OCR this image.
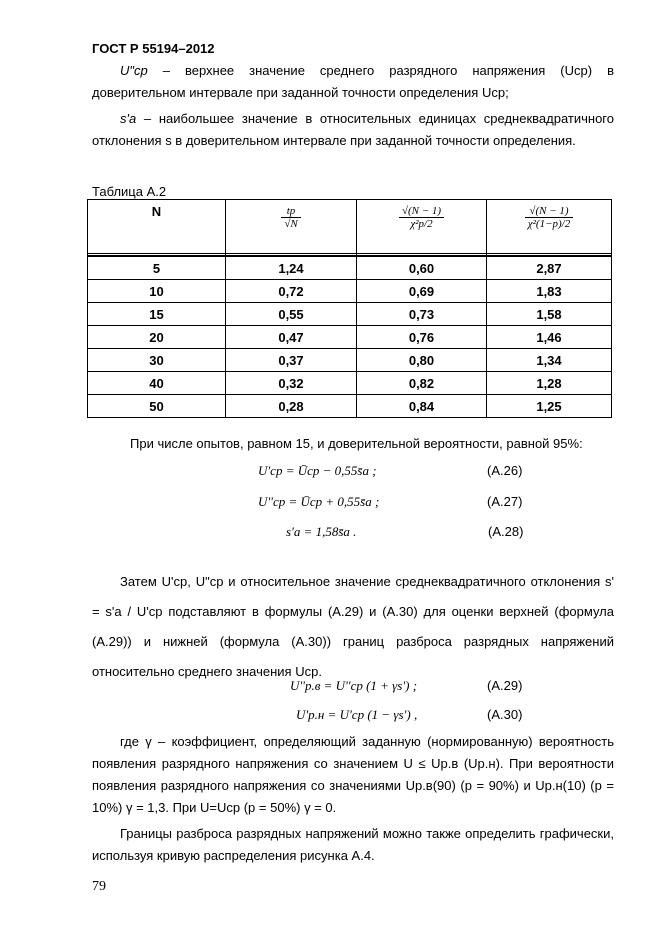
ГОСТ Р 55194–2012
U"ср – верхнее значение среднего разрядного напряжения (Uср) в доверительном интервале при заданной точности определения Uср;
s'а – наибольшее значение в относительных единицах среднеквадратичного отклонения s в доверительном интервале при заданной точности определения.
Таблица А.2
N	$\frac{tp}{√N}$	$\frac{√(N - 1)}{\text{χ²p/2}}$	$\frac{√(N - 1)}{\text{χ²(1−p)/2}}$

5	1,24	0,60	2,87
10	0,72	0,69	1,83
15	0,55	0,73	1,58
20	0,47	0,76	1,46
30	0,37	0,80	1,34
40	0,32	0,82	1,28
50	0,28	0,84	1,25
При числе опытов, равном 15, и доверительной вероятности, равной 95%:
U'ср = Ūср − 0,55s̄а ;	(А.26)
U''ср = Ūср + 0,55s̄а ;	(А.27)
s'а = 1,58s̄а .	(А.28)
Затем U'ср, U"ср и относительное значение среднеквадратичного отклонения s' = s'а / U'ср подставляют в формулы (А.29) и (А.30) для оценки верхней (формула (А.29)) и нижней (формула (А.30)) границ разброса разрядных напряжений относительно среднего значения Uср.
U''р.в = U''ср (1 + γs') ;	(А.29)
U'р.н = U'ср (1 − γs') ,	(А.30)
где γ – коэффициент, определяющий заданную (нормированную) вероятность появления разрядного напряжения со значением U ≤ Uр.в (Uр.н). При вероятности появления разрядного напряжения со значениями Uр.в(90) (р = 90%) и Uр.н(10) (р = 10%) γ = 1,3. При U=Uср (р = 50%) γ = 0.
Границы разброса разрядных напряжений можно также определить графически, используя кривую распределения рисунка А.4.
79
